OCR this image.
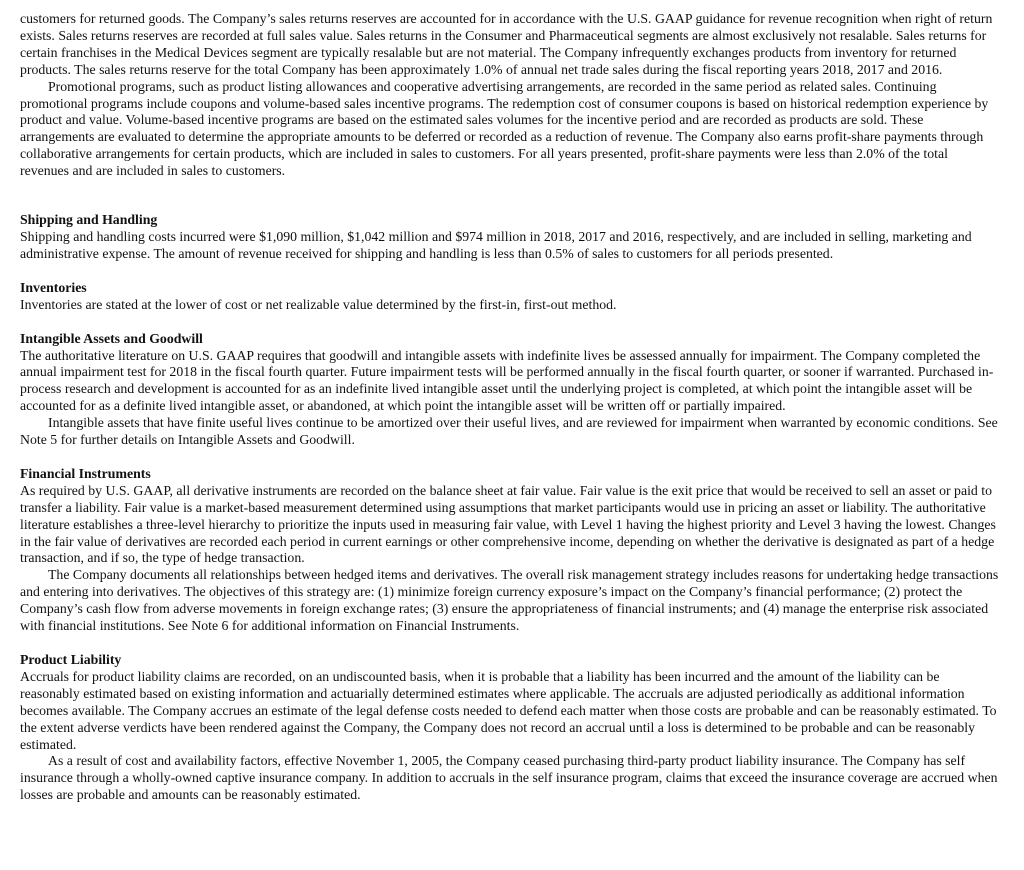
customers for returned goods. The Company’s sales returns reserves are accounted for in accordance with the U.S. GAAP guidance for revenue recognition when right of return exists. Sales returns reserves are recorded at full sales value. Sales returns in the Consumer and Pharmaceutical segments are almost exclusively not resalable. Sales returns for certain franchises in the Medical Devices segment are typically resalable but are not material. The Company infrequently exchanges products from inventory for returned products. The sales returns reserve for the total Company has been approximately 1.0% of annual net trade sales during the fiscal reporting years 2018, 2017 and 2016.

Promotional programs, such as product listing allowances and cooperative advertising arrangements, are recorded in the same period as related sales. Continuing promotional programs include coupons and volume-based sales incentive programs. The redemption cost of consumer coupons is based on historical redemption experience by product and value. Volume-based incentive programs are based on the estimated sales volumes for the incentive period and are recorded as products are sold. These arrangements are evaluated to determine the appropriate amounts to be deferred or recorded as a reduction of revenue. The Company also earns profit-share payments through collaborative arrangements for certain products, which are included in sales to customers. For all years presented, profit-share payments were less than 2.0% of the total revenues and are included in sales to customers.

Shipping and Handling

Shipping and handling costs incurred were $1,090 million, $1,042 million and $974 million in 2018, 2017 and 2016, respectively, and are included in selling, marketing and administrative expense. The amount of revenue received for shipping and handling is less than 0.5% of sales to customers for all periods presented.

Inventories

Inventories are stated at the lower of cost or net realizable value determined by the first-in, first-out method.

Intangible Assets and Goodwill

The authoritative literature on U.S. GAAP requires that goodwill and intangible assets with indefinite lives be assessed annually for impairment. The Company completed the annual impairment test for 2018 in the fiscal fourth quarter. Future impairment tests will be performed annually in the fiscal fourth quarter, or sooner if warranted. Purchased in-process research and development is accounted for as an indefinite lived intangible asset until the underlying project is completed, at which point the intangible asset will be accounted for as a definite lived intangible asset, or abandoned, at which point the intangible asset will be written off or partially impaired.

Intangible assets that have finite useful lives continue to be amortized over their useful lives, and are reviewed for impairment when warranted by economic conditions. See Note 5 for further details on Intangible Assets and Goodwill.

Financial Instruments

As required by U.S. GAAP, all derivative instruments are recorded on the balance sheet at fair value. Fair value is the exit price that would be received to sell an asset or paid to transfer a liability. Fair value is a market-based measurement determined using assumptions that market participants would use in pricing an asset or liability. The authoritative literature establishes a three-level hierarchy to prioritize the inputs used in measuring fair value, with Level 1 having the highest priority and Level 3 having the lowest. Changes in the fair value of derivatives are recorded each period in current earnings or other comprehensive income, depending on whether the derivative is designated as part of a hedge transaction, and if so, the type of hedge transaction.

The Company documents all relationships between hedged items and derivatives. The overall risk management strategy includes reasons for undertaking hedge transactions and entering into derivatives. The objectives of this strategy are: (1) minimize foreign currency exposure’s impact on the Company’s financial performance; (2) protect the Company’s cash flow from adverse movements in foreign exchange rates; (3) ensure the appropriateness of financial instruments; and (4) manage the enterprise risk associated with financial institutions. See Note 6 for additional information on Financial Instruments.

Product Liability

Accruals for product liability claims are recorded, on an undiscounted basis, when it is probable that a liability has been incurred and the amount of the liability can be reasonably estimated based on existing information and actuarially determined estimates where applicable. The accruals are adjusted periodically as additional information becomes available. The Company accrues an estimate of the legal defense costs needed to defend each matter when those costs are probable and can be reasonably estimated. To the extent adverse verdicts have been rendered against the Company, the Company does not record an accrual until a loss is determined to be probable and can be reasonably estimated.

As a result of cost and availability factors, effective November 1, 2005, the Company ceased purchasing third-party product liability insurance. The Company has self insurance through a wholly-owned captive insurance company. In addition to accruals in the self insurance program, claims that exceed the insurance coverage are accrued when losses are probable and amounts can be reasonably estimated.
